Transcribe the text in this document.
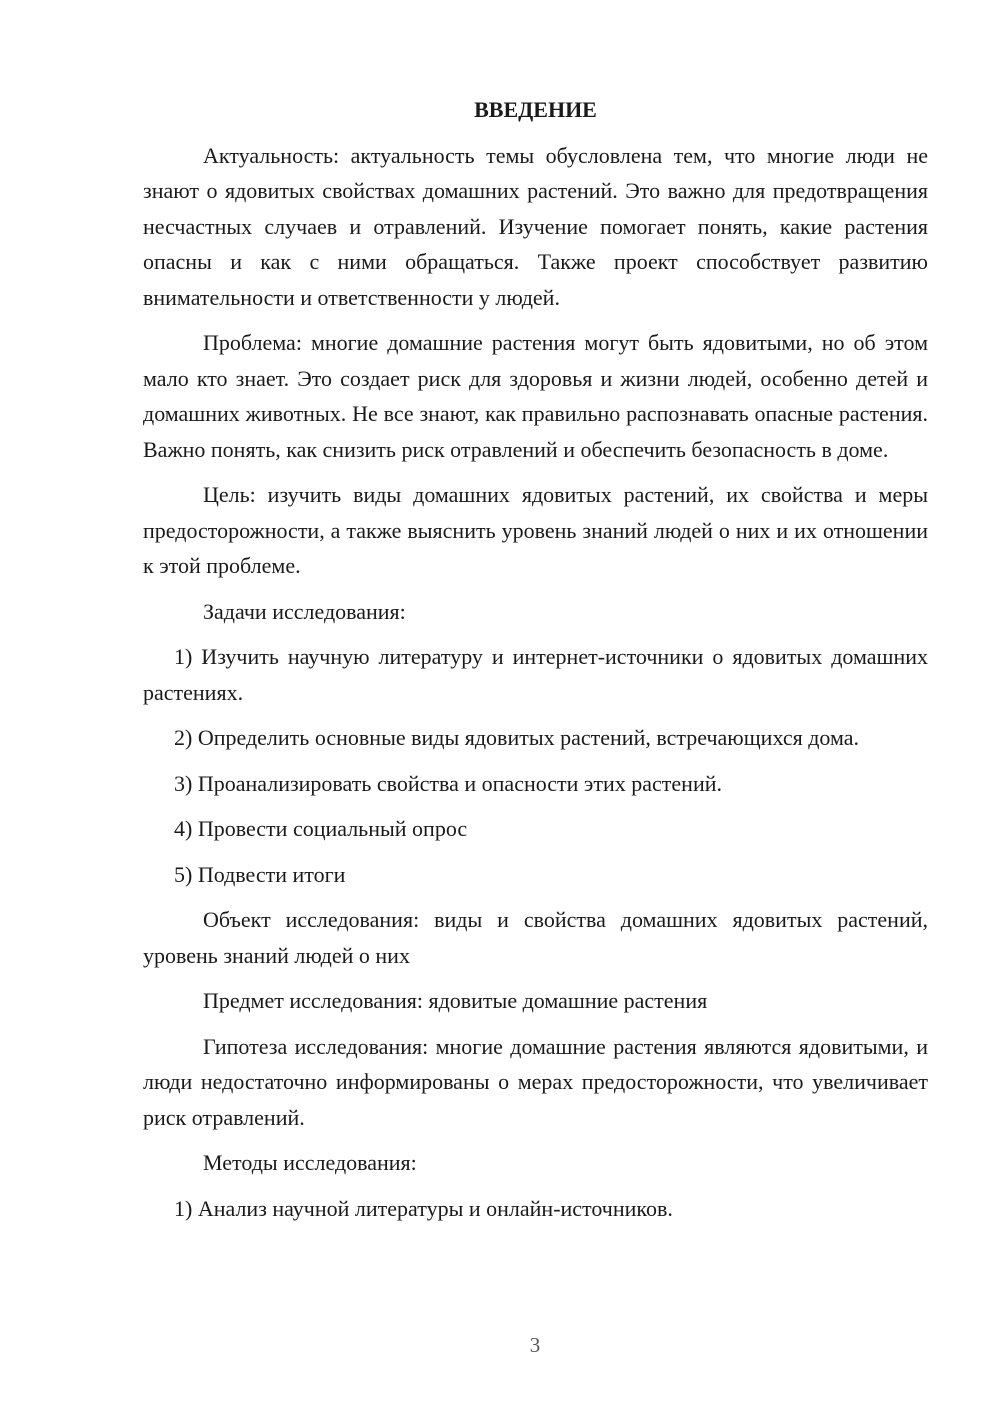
ВВЕДЕНИЕ

Актуальность: актуальность темы обусловлена тем, что многие люди не знают о ядовитых свойствах домашних растений. Это важно для предотвращения несчастных случаев и отравлений. Изучение помогает понять, какие растения опасны и как с ними обращаться. Также проект способствует развитию внимательности и ответственности у людей.

Проблема: многие домашние растения могут быть ядовитыми, но об этом мало кто знает. Это создает риск для здоровья и жизни людей, особенно детей и домашних животных. Не все знают, как правильно распознавать опасные растения. Важно понять, как снизить риск отравлений и обеспечить безопасность в доме.

Цель: изучить виды домашних ядовитых растений, их свойства и меры предосторожности, а также выяснить уровень знаний людей о них и их отношении к этой проблеме.

Задачи исследования:

1) Изучить научную литературу и интернет-источники о ядовитых домашних растениях.

2) Определить основные виды ядовитых растений, встречающихся дома.

3) Проанализировать свойства и опасности этих растений.

4) Провести социальный опрос

5) Подвести итоги

Объект исследования: виды и свойства домашних ядовитых растений, уровень знаний людей о них

Предмет исследования: ядовитые домашние растения

Гипотеза исследования: многие домашние растения являются ядовитыми, и люди недостаточно информированы о мерах предосторожности, что увеличивает риск отравлений.

Методы исследования:

1) Анализ научной литературы и онлайн-источников.

3
